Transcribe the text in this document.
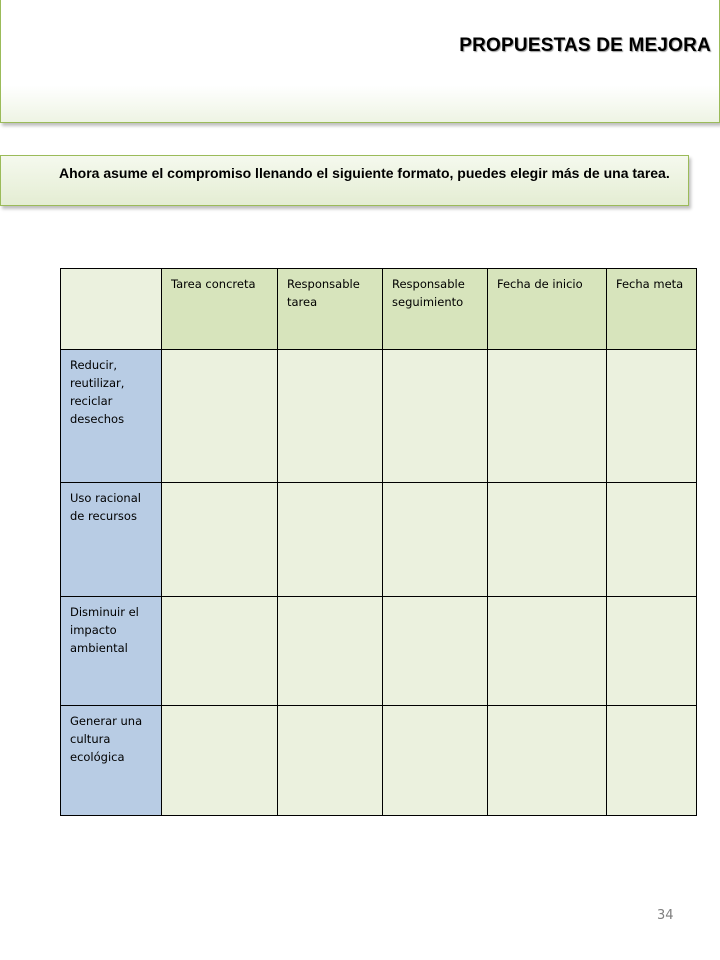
PROPUESTAS DE MEJORA
Ahora asume el compromiso llenando el siguiente formato, puedes elegir más de una tarea.
	Tarea concreta	Responsable tarea	Responsable seguimiento	Fecha de inicio	Fecha meta
Reducir, reutilizar, reciclar desechos					
Uso racional de recursos					
Disminuir el impacto ambiental					
Generar una cultura ecológica					
34
